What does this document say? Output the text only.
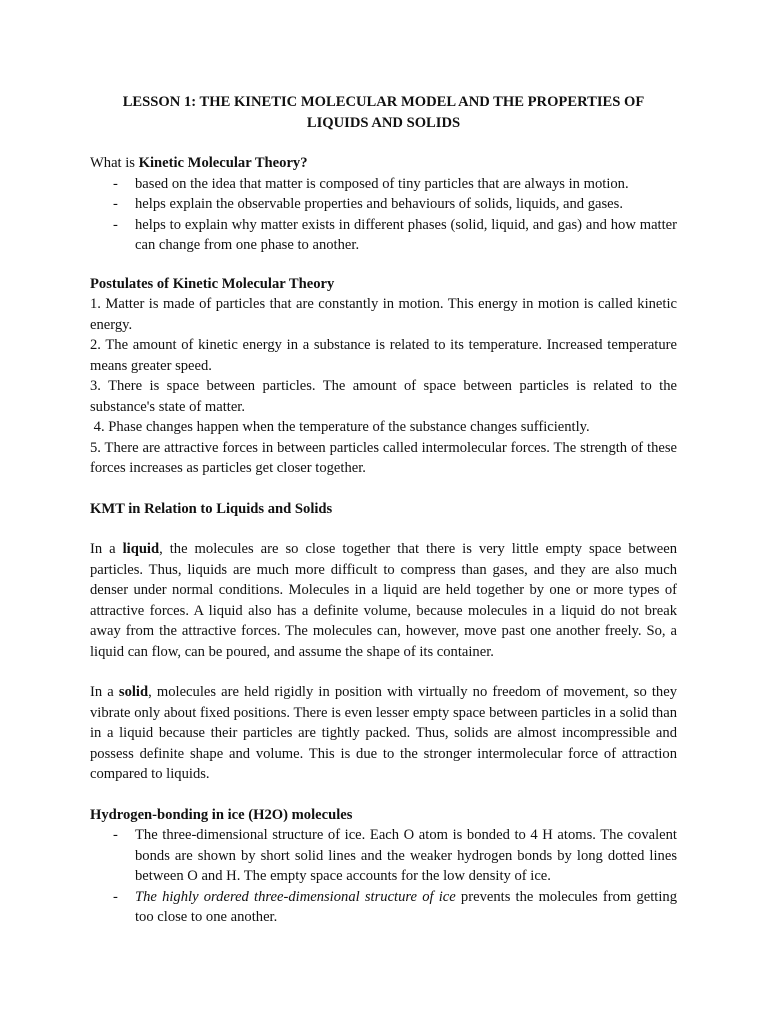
LESSON 1: THE KINETIC MOLECULAR MODEL AND THE PROPERTIES OF
LIQUIDS AND SOLIDS

What is Kinetic Molecular Theory?

- based on the idea that matter is composed of tiny particles that are always in motion.
- helps explain the observable properties and behaviours of solids, liquids, and gases.
- helps to explain why matter exists in different phases (solid, liquid, and gas) and how matter can change from one phase to another.

Postulates of Kinetic Molecular Theory

1. Matter is made of particles that are constantly in motion. This energy in motion is called kinetic energy.

2. The amount of kinetic energy in a substance is related to its temperature. Increased temperature means greater speed.

3. There is space between particles. The amount of space between particles is related to the substance's state of matter.

4. Phase changes happen when the temperature of the substance changes sufficiently.

5. There are attractive forces in between particles called intermolecular forces. The strength of these forces increases as particles get closer together.

KMT in Relation to Liquids and Solids

In a liquid, the molecules are so close together that there is very little empty space between particles. Thus, liquids are much more difficult to compress than gases, and they are also much denser under normal conditions. Molecules in a liquid are held together by one or more types of attractive forces. A liquid also has a definite volume, because molecules in a liquid do not break away from the attractive forces. The molecules can, however, move past one another freely. So, a liquid can flow, can be poured, and assume the shape of its container.

In a solid, molecules are held rigidly in position with virtually no freedom of movement, so they vibrate only about fixed positions. There is even lesser empty space between particles in a solid than in a liquid because their particles are tightly packed. Thus, solids are almost incompressible and possess definite shape and volume. This is due to the stronger intermolecular force of attraction compared to liquids.

Hydrogen-bonding in ice (H2O) molecules

- The three-dimensional structure of ice. Each O atom is bonded to 4 H atoms. The covalent bonds are shown by short solid lines and the weaker hydrogen bonds by long dotted lines between O and H. The empty space accounts for the low density of ice.
- The highly ordered three-dimensional structure of ice prevents the molecules from getting too close to one another.
